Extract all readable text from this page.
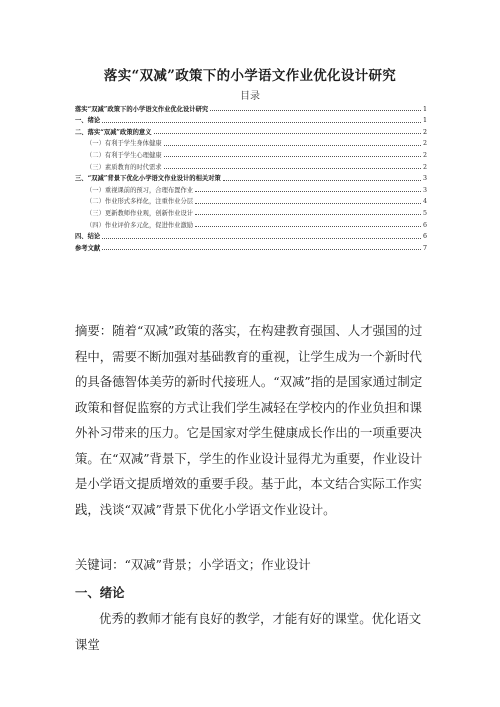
落实“双减”政策下的小学语文作业优化设计研究
目录
落实“双减”政策下的小学语文作业优化设计研究	1
一、绪论	1
二、落实“双减”政策的意义	2
（一）有利于学生身体健康	2
（二）有利于学生心理健康	2
（三）素质教育的时代需求	2
三、“双减”背景下优化小学语文作业设计的相关对策	3
（一）重视课前的预习，合理布置作业	3
（二）作业形式多样化，注重作业分层	4
（三）更新教师作业观，创新作业设计	5
（四）作业评价多元化，促进作业激励	6
四、结论	6
参考文献	7
摘要：随着“双减”政策的落实，在构建教育强国、人才强国的过程中，需要不断加强对基础教育的重视，让学生成为一个新时代的具备德智体美劳的新时代接班人。“双减”指的是国家通过制定政策和督促监察的方式让我们学生减轻在学校内的作业负担和课外补习带来的压力。它是国家对学生健康成长作出的一项重要决策。在“双减”背景下，学生的作业设计显得尤为重要，作业设计是小学语文提质增效的重要手段。基于此，本文结合实际工作实践，浅谈“双减”背景下优化小学语文作业设计。
关键词：“双减”背景；小学语文；作业设计
一、绪论
优秀的教师才能有良好的教学，才能有好的课堂。优化语文课堂
